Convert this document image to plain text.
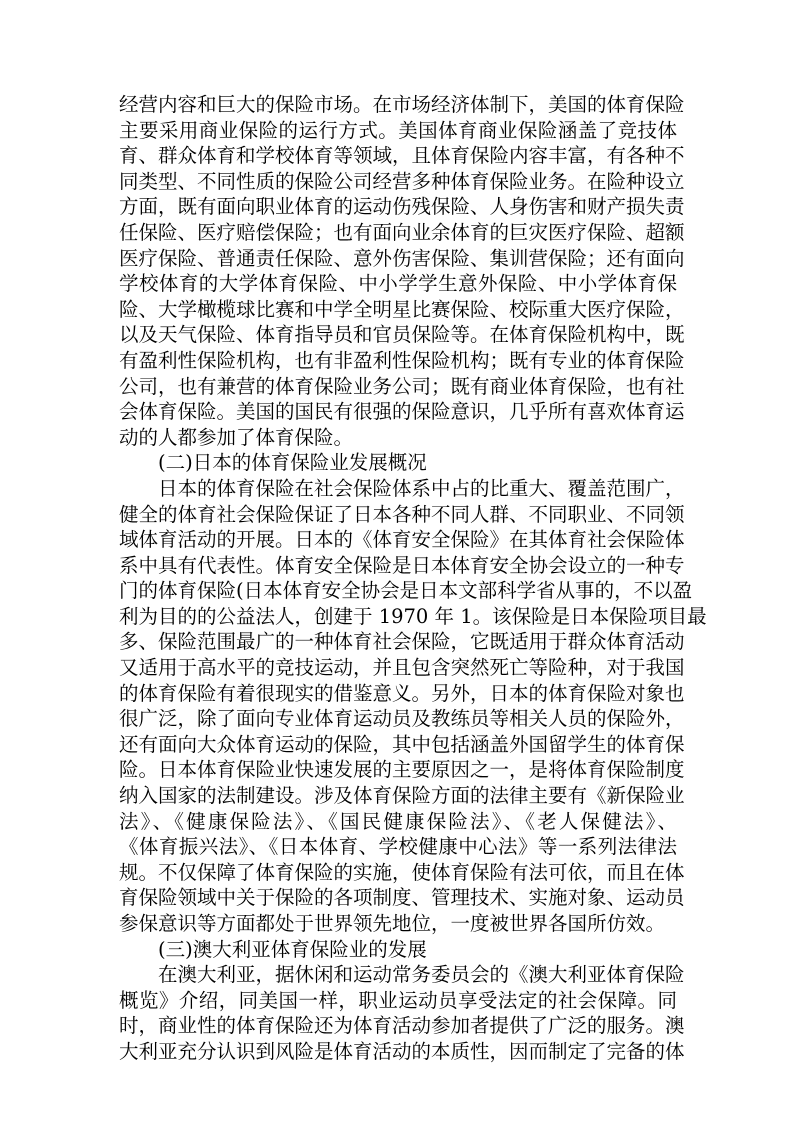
经营内容和巨大的保险市场。在市场经济体制下，美国的体育保险
主要采用商业保险的运行方式。美国体育商业保险涵盖了竞技体
育、群众体育和学校体育等领域，且体育保险内容丰富，有各种不
同类型、不同性质的保险公司经营多种体育保险业务。在险种设立
方面，既有面向职业体育的运动伤残保险、人身伤害和财产损失责
任保险、医疗赔偿保险；也有面向业余体育的巨灾医疗保险、超额
医疗保险、普通责任保险、意外伤害保险、集训营保险；还有面向
学校体育的大学体育保险、中小学学生意外保险、中小学体育保
险、大学橄榄球比赛和中学全明星比赛保险、校际重大医疗保险，
以及天气保险、体育指导员和官员保险等。在体育保险机构中，既
有盈利性保险机构，也有非盈利性保险机构；既有专业的体育保险
公司，也有兼营的体育保险业务公司；既有商业体育保险，也有社
会体育保险。美国的国民有很强的保险意识，几乎所有喜欢体育运
动的人都参加了体育保险。
(二)日本的体育保险业发展概况
日本的体育保险在社会保险体系中占的比重大、覆盖范围广，
健全的体育社会保险保证了日本各种不同人群、不同职业、不同领
域体育活动的开展。日本的《体育安全保险》在其体育社会保险体
系中具有代表性。体育安全保险是日本体育安全协会设立的一种专
门的体育保险(日本体育安全协会是日本文部科学省从事的，不以盈
利为目的的公益法人，创建于 1970 年 1。该保险是日本保险项目最
多、保险范围最广的一种体育社会保险，它既适用于群众体育活动
又适用于高水平的竞技运动，并且包含突然死亡等险种，对于我国
的体育保险有着很现实的借鉴意义。另外，日本的体育保险对象也
很广泛，除了面向专业体育运动员及教练员等相关人员的保险外，
还有面向大众体育运动的保险，其中包括涵盖外国留学生的体育保
险。日本体育保险业快速发展的主要原因之一，是将体育保险制度
纳入国家的法制建设。涉及体育保险方面的法律主要有《新保险业
法》、《健康保险法》、《国民健康保险法》、《老人保健法》、
《体育振兴法》、《日本体育、学校健康中心法》等一系列法律法
规。不仅保障了体育保险的实施，使体育保险有法可依，而且在体
育保险领域中关于保险的各项制度、管理技术、实施对象、运动员
参保意识等方面都处于世界领先地位，一度被世界各国所仿效。
(三)澳大利亚体育保险业的发展
在澳大利亚，据休闲和运动常务委员会的《澳大利亚体育保险
概览》介绍，同美国一样，职业运动员享受法定的社会保障。同
时，商业性的体育保险还为体育活动参加者提供了广泛的服务。澳
大利亚充分认识到风险是体育活动的本质性，因而制定了完备的体
